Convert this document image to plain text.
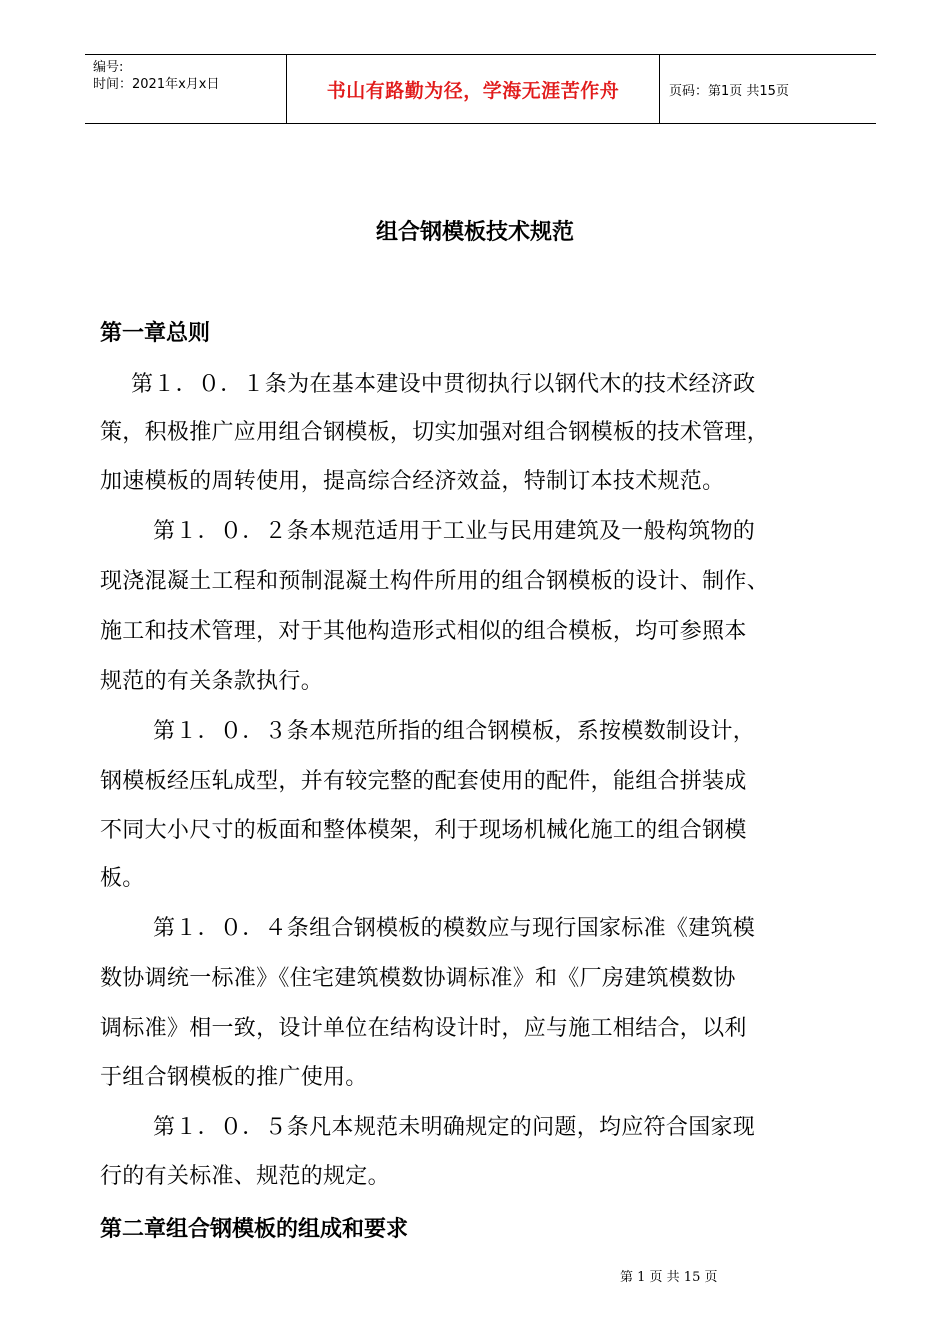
编号:
时间：2021年x月x日	书山有路勤为径，学海无涯苦作舟	页码：第1页 共15页
组合钢模板技术规范
第一章总则
第１．０．１条为在基本建设中贯彻执行以钢代木的技术经济政
策，积极推广应用组合钢模板，切实加强对组合钢模板的技术管理，
加速模板的周转使用，提高综合经济效益，特制订本技术规范。
第１．０．２条本规范适用于工业与民用建筑及一般构筑物的
现浇混凝土工程和预制混凝土构件所用的组合钢模板的设计、制作、
施工和技术管理，对于其他构造形式相似的组合模板，均可参照本
规范的有关条款执行。
第１．０．３条本规范所指的组合钢模板，系按模数制设计，
钢模板经压轧成型，并有较完整的配套使用的配件，能组合拼装成
不同大小尺寸的板面和整体模架，利于现场机械化施工的组合钢模
板。
第１．０．４条组合钢模板的模数应与现行国家标准《建筑模
数协调统一标准》《住宅建筑模数协调标准》和《厂房建筑模数协
调标准》相一致，设计单位在结构设计时，应与施工相结合，以利
于组合钢模板的推广使用。
第１．０．５条凡本规范未明确规定的问题，均应符合国家现
行的有关标准、规范的规定。
第二章组合钢模板的组成和要求
第 1 页 共 15 页
